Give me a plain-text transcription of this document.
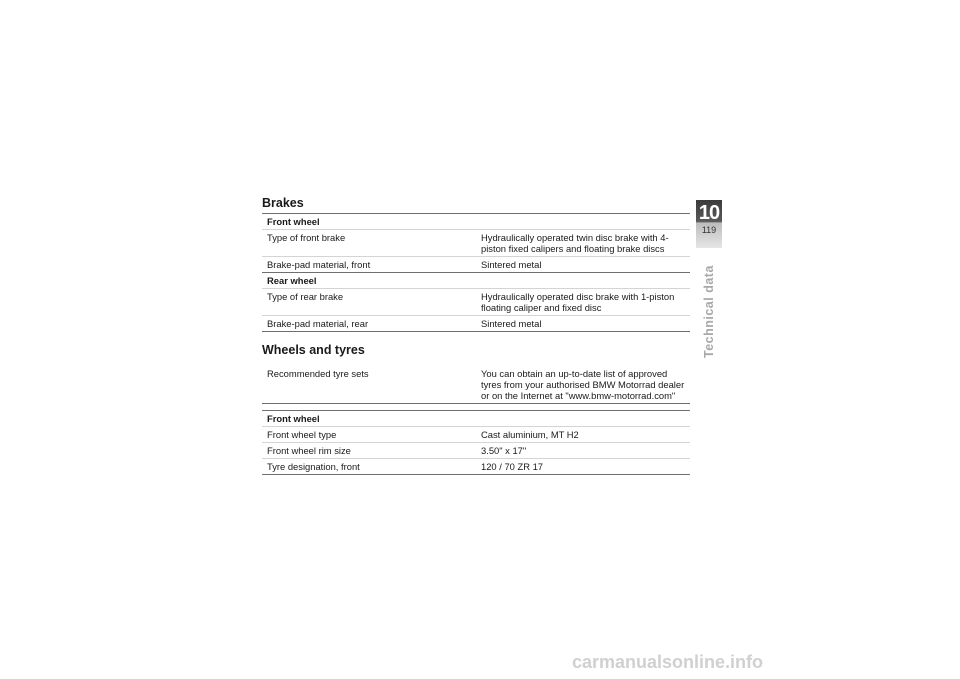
Brakes
Front wheel
Type of front brake	Hydraulically operated twin disc brake with 4-piston fixed calipers and floating brake discs
Brake-pad material, front	Sintered metal
Rear wheel
Type of rear brake	Hydraulically operated disc brake with 1-piston floating caliper and fixed disc
Brake-pad material, rear	Sintered metal
Wheels and tyres
Recommended tyre sets	You can obtain an up-to-date list of approved tyres from your authorised BMW Motorrad dealer or on the Internet at "www.bmw-motorrad.com"
Front wheel
Front wheel type	Cast aluminium, MT H2
Front wheel rim size	3.50" x 17"
Tyre designation, front	120 / 70 ZR 17
10
119
Technical data
carmanualsonline.info
